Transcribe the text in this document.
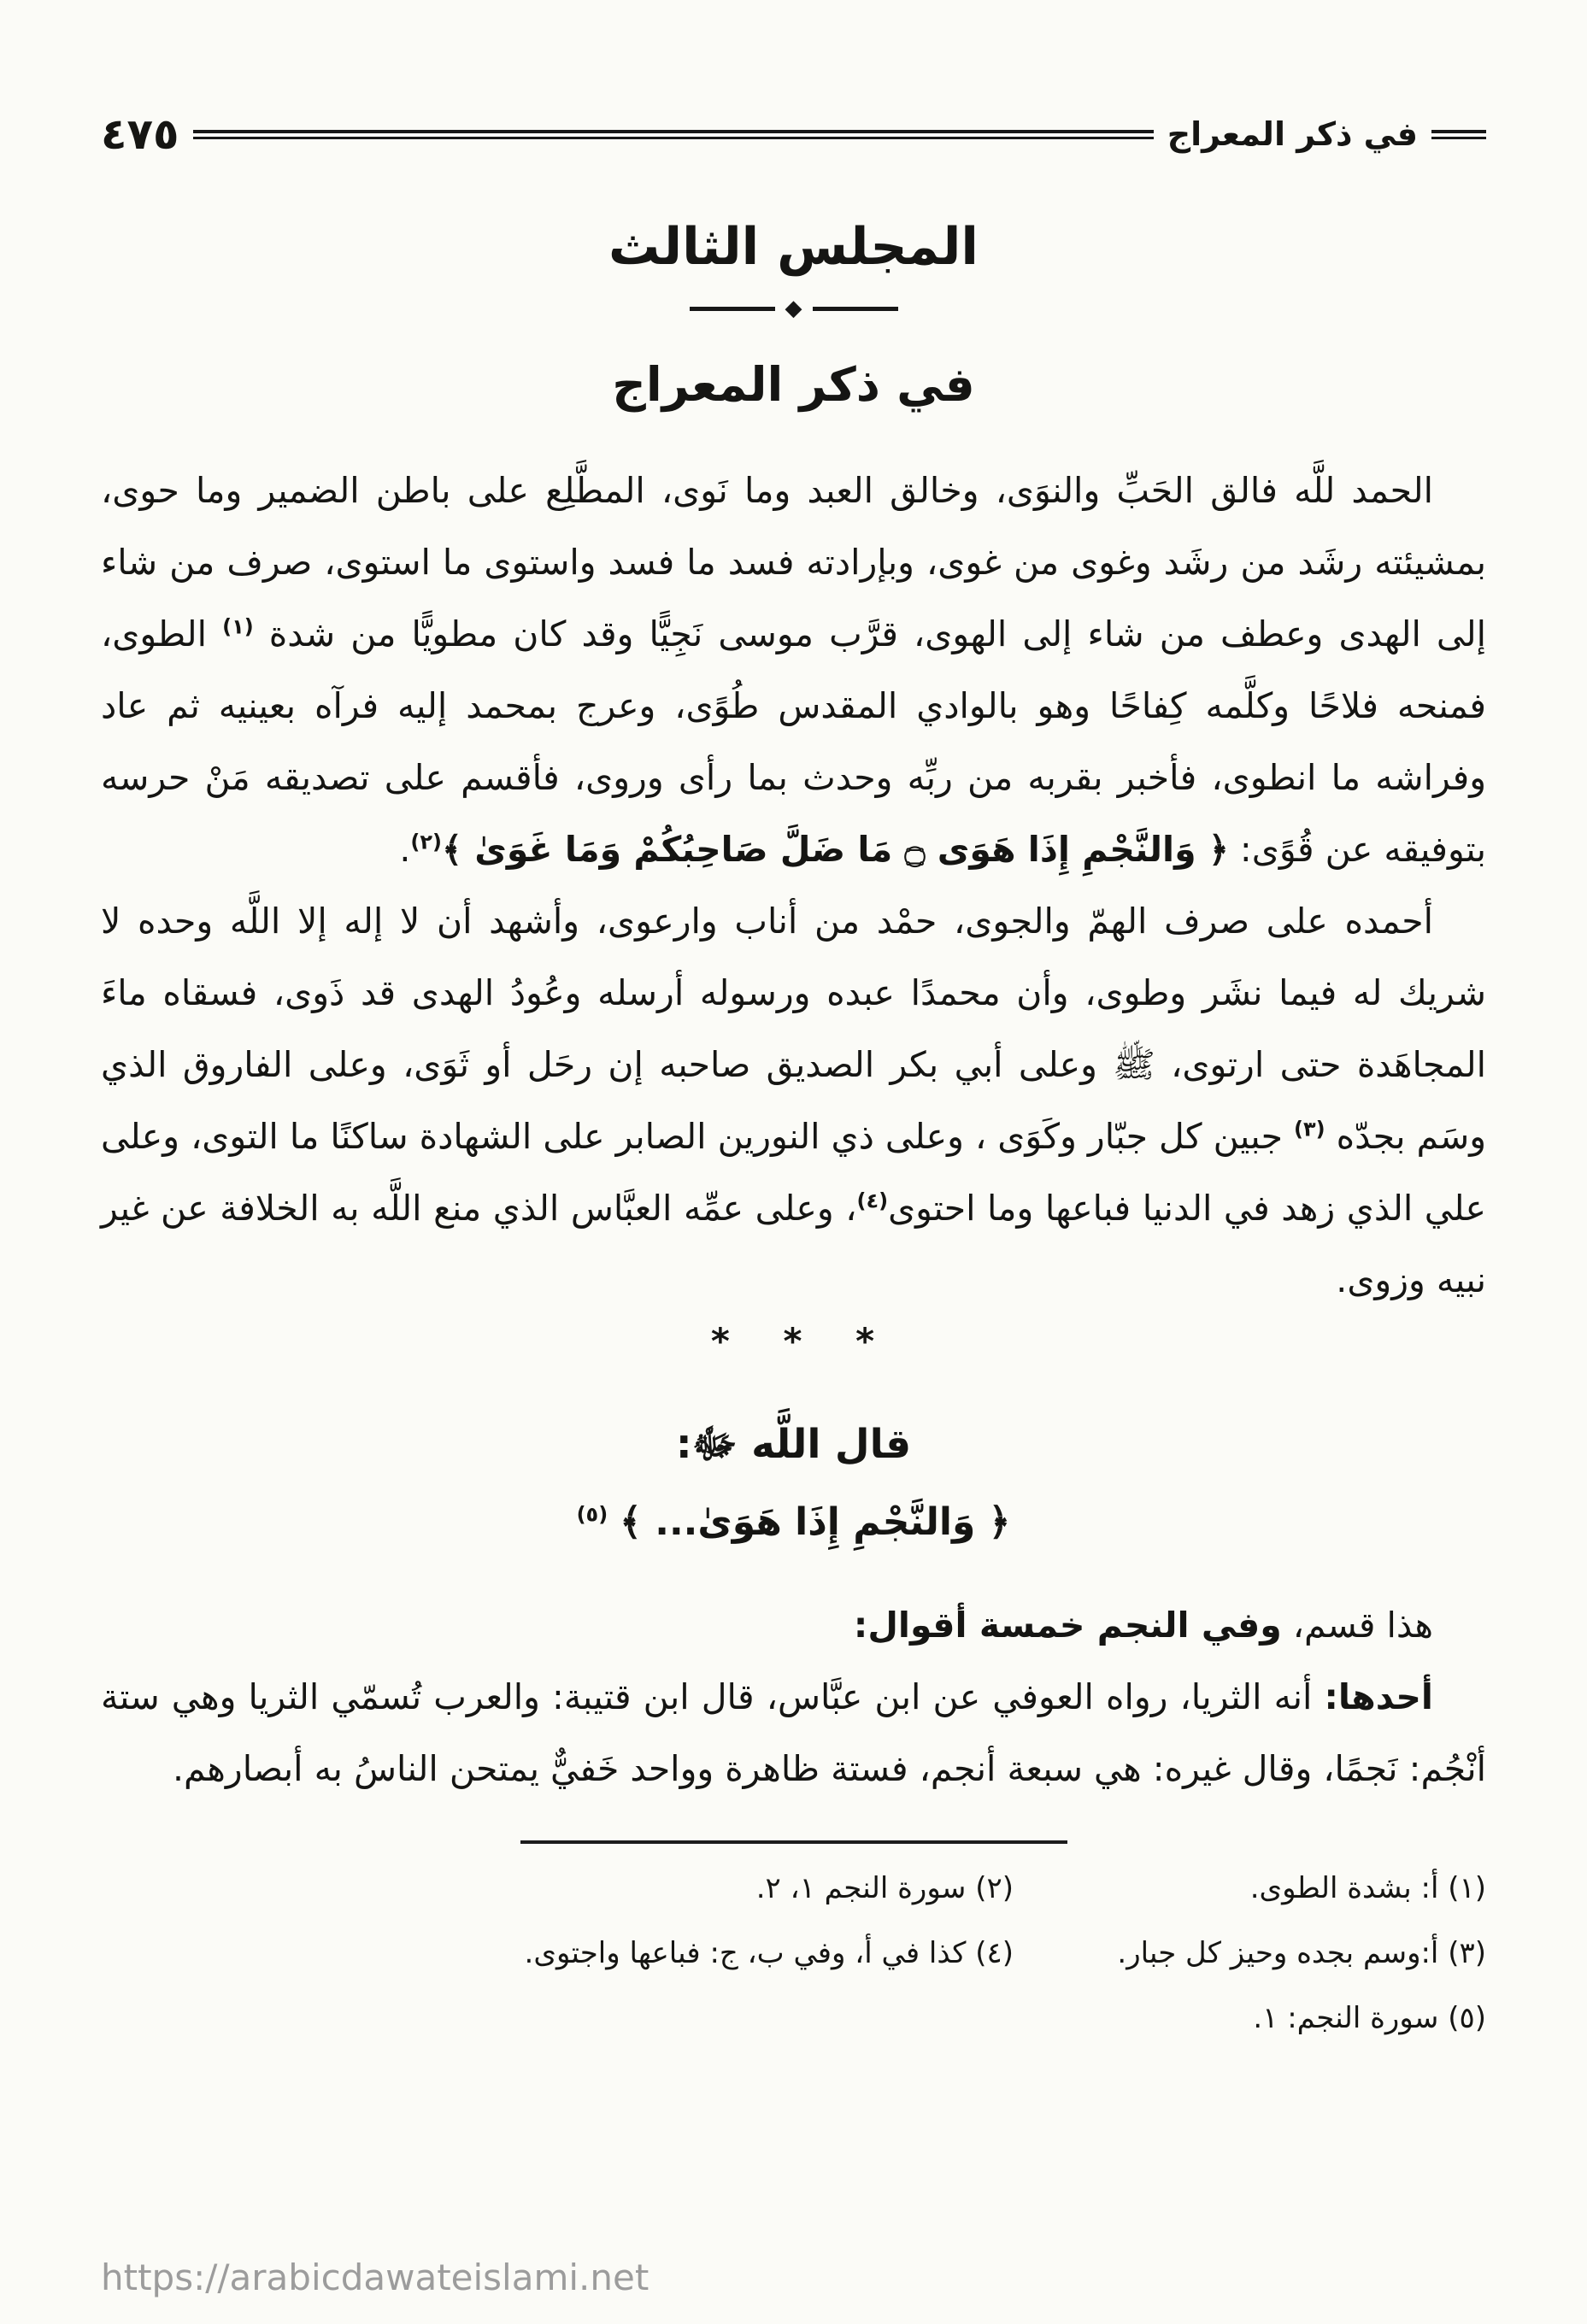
في ذكر المعراج
٤٧٥
المجلس الثالث
◆
في ذكر المعراج

الحمد للَّه فالق الحَبِّ والنوَى، وخالق العبد وما نَوى، المطَّلِع على باطن الضمير وما حوى، بمشيئته رشَد من رشَد وغوى من غوى، وبإرادته فسد ما فسد واستوى ما استوى، صرف من شاء إلى الهدى وعطف من شاء إلى الهوى، قرَّب موسى نَجِيًّا وقد كان مطويًّا من شدة $^{(١)}$ الطوى، فمنحه فلاحًا وكلَّمه كِفاحًا وهو بالوادي المقدس طُوًى، وعرج بمحمد إليه فرآه بعينيه ثم عاد وفراشه ما انطوى، فأخبر بقربه من ربِّه وحدث بما رأى وروى، فأقسم على تصديقه مَنْ حرسه بتوفيقه عن قُوًى: ﴿ وَالنَّجْمِ إِذَا هَوَى ۝ مَا ضَلَّ صَاحِبُكُمْ وَمَا غَوَىٰ ﴾$^{(٢)}$.

أحمده على صرف الهمّ والجوى، حمْد من أناب وارعوى، وأشهد أن لا إله إلا اللَّه وحده لا شريك له فيما نشَر وطوى، وأن محمدًا عبده ورسوله أرسله وعُودُ الهدى قد ذَوى، فسقاه ماءَ المجاهَدة حتى ارتوى، ﷺ وعلى أبي بكر الصديق صاحبه إن رحَل أو ثَوَى، وعلى الفاروق الذي وسَم بجدّه $^{(٣)}$ جبين كل جبّار وكَوَى ، وعلى ذي النورين الصابر على الشهادة ساكنًا ما التوى، وعلى علي الذي زهد في الدنيا فباعها وما احتوى$^{(٤)}$، وعلى عمِّه العبَّاس الذي منع اللَّه به الخلافة عن غير نبيه وزوى.

* * *
قال اللَّه ﷻ:
﴿ وَالنَّجْمِ إِذَا هَوَىٰ... ﴾ $^{(٥)}$

هذا قسم، وفي النجم خمسة أقوال:

أحدها: أنه الثريا، رواه العوفي عن ابن عبَّاس، قال ابن قتيبة: والعرب تُسمّي الثريا وهي ستة أنْجُم: نَجمًا، وقال غيره: هي سبعة أنجم، فستة ظاهرة وواحد خَفيٌّ يمتحن الناسُ به أبصارهم.

(١) أ: بشدة الطوى.
(٢) سورة النجم ١، ٢.
(٣) أ:وسم بجده وحيز كل جبار.
(٤) كذا في أ، وفي ب، ج: فباعها واجتوى.
(٥) سورة النجم: ١.
https://arabicdawateislami.net
